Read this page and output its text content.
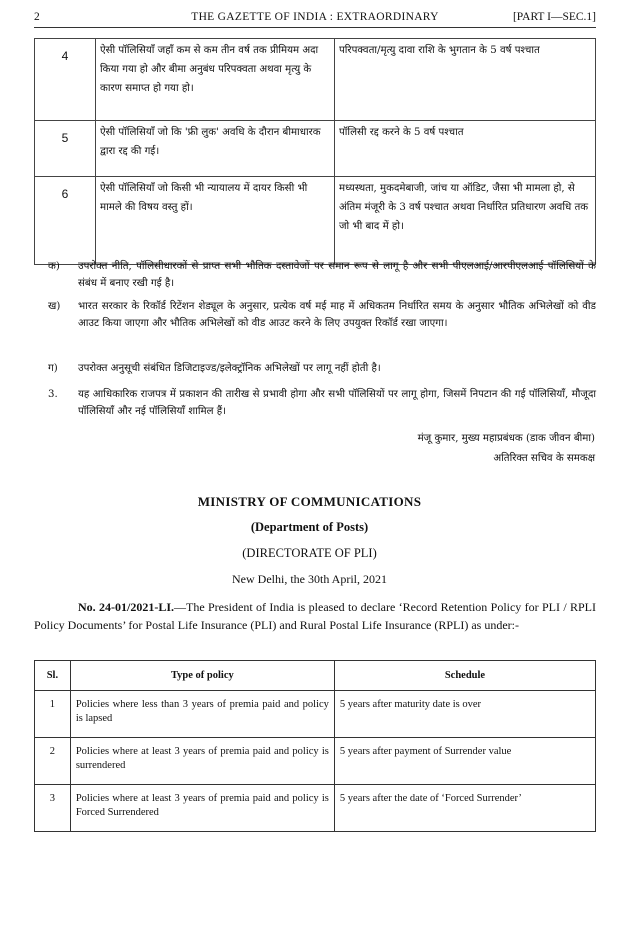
2	THE GAZETTE OF INDIA : EXTRAORDINARY	[PART I—SEC.1]
4	ऐसी पॉलिसियाँ जहाँ कम से कम तीन वर्ष तक प्रीमियम अदा किया गया हो और बीमा अनुबंध परिपक्वता अथवा मृत्यु के कारण समाप्त हो गया हो।	परिपक्वता/मृत्यु दावा राशि के भुगतान के 5 वर्ष पश्चात
5	ऐसी पॉलिसियाँ जो कि 'फ्री लुक' अवधि के दौरान बीमाधारक द्वारा रद्द की गई।	पॉलिसी रद्द करने के 5 वर्ष पश्चात
6	ऐसी पॉलिसियाँ जो किसी भी न्यायालय में दायर किसी भी मामले की विषय वस्तु हों।	मध्यस्थता, मुकदमेबाजी, जांच या ऑडिट, जैसा भी मामला हो, से अंतिम मंजूरी के 3 वर्ष पश्चात अथवा निर्धारित प्रतिधारण अवधि तक जो भी बाद में हो।
क) उपरोक्त नीति, पॉलिसीधारकों से प्राप्त सभी भौतिक दस्तावेजों पर समान रूप से लागू है और सभी पीएलआई/आरपीएलआई पॉलिसियों के संबंध में बनाए रखी गई है।
ख) भारत सरकार के रिकॉर्ड रिटेंशन शेड्यूल के अनुसार, प्रत्येक वर्ष मई माह में अधिकतम निर्धारित समय के अनुसार भौतिक अभिलेखों को वीड आउट किया जाएगा और भौतिक अभिलेखों को वीड आउट करने के लिए उपयुक्त रिकॉर्ड रखा जाएगा।
ग) उपरोक्त अनुसूची संबंधित डिजिटाइज्ड/इलेक्ट्रॉनिक अभिलेखों पर लागू नहीं होती है।
3. यह आधिकारिक राजपत्र में प्रकाशन की तारीख से प्रभावी होगा और सभी पॉलिसियों पर लागू होगा, जिसमें निपटान की गई पॉलिसियाँ, मौजूदा पॉलिसियाँ और नई पॉलिसियाँ शामिल हैं।
मंजू कुमार, मुख्य महाप्रबंधक (डाक जीवन बीमा)
अतिरिक्त सचिव के समकक्ष
MINISTRY OF COMMUNICATIONS
(Department of Posts)
(DIRECTORATE OF PLI)
New Delhi, the 30th April, 2021
No. 24-01/2021-LI.—The President of India is pleased to declare ‘Record Retention Policy for PLI / RPLI Policy Documents’ for Postal Life Insurance (PLI) and Rural Postal Life Insurance (RPLI) as under:-
Sl.	Type of policy	Schedule
1	Policies where less than 3 years of premia paid and policy is lapsed	5 years after maturity date is over
2	Policies where at least 3 years of premia paid and policy is surrendered	5 years after payment of Surrender value
3	Policies where at least 3 years of premia paid and policy is Forced Surrendered	5 years after the date of ‘Forced Surrender’
